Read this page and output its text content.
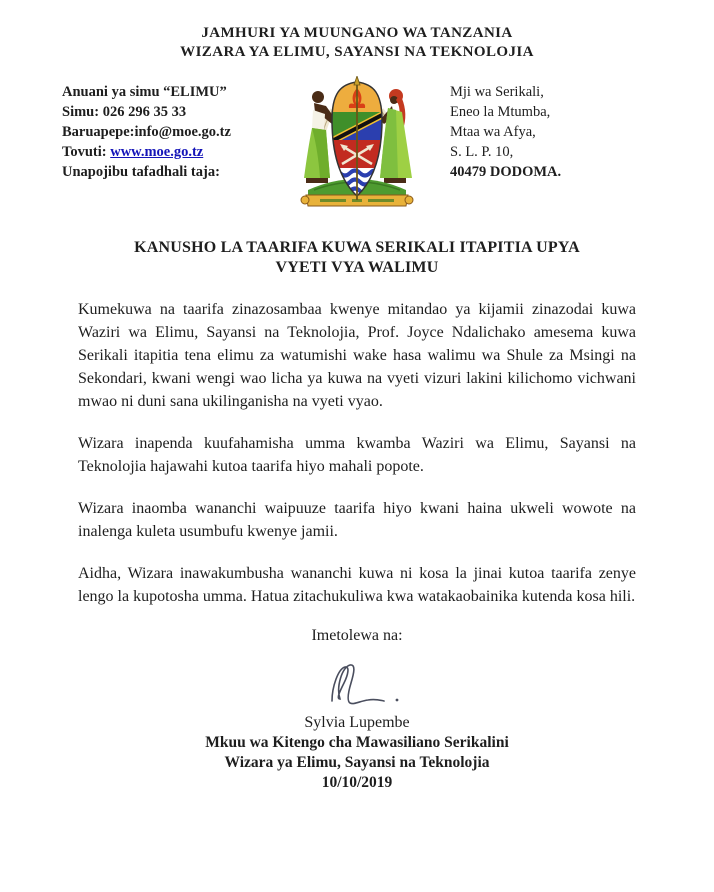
JAMHURI YA MUUNGANO WA TANZANIA
WIZARA YA ELIMU, SAYANSI NA TEKNOLOJIA
Anuani ya simu “ELIMU”
Simu: 026 296 35 33
Baruapepe:info@moe.go.tz
Tovuti: www.moe.go.tz
Unapojibu tafadhali taja:
Mji wa Serikali,
Eneo la Mtumba,
Mtaa wa Afya,
S. L. P. 10,
40479 DODOMA.
KANUSHO LA TAARIFA KUWA SERIKALI ITAPITIA UPYA
VYETI VYA WALIMU

Kumekuwa na taarifa zinazosambaa kwenye mitandao ya kijamii zinazodai kuwa Waziri wa Elimu, Sayansi na Teknolojia, Prof. Joyce Ndalichako amesema kuwa Serikali itapitia tena elimu za watumishi wake hasa walimu wa Shule za Msingi na Sekondari, kwani wengi wao licha ya kuwa na vyeti vizuri lakini kilichomo vichwani mwao ni duni sana ukilinganisha na vyeti vyao.

Wizara inapenda kuufahamisha umma kwamba Waziri wa Elimu, Sayansi na Teknolojia hajawahi kutoa taarifa hiyo mahali popote.

Wizara inaomba wananchi waipuuze taarifa hiyo kwani haina ukweli wowote na inalenga kuleta usumbufu kwenye jamii.

Aidha, Wizara inawakumbusha wananchi kuwa ni kosa la jinai kutoa taarifa zenye lengo la kupotosha umma. Hatua zitachukuliwa kwa watakaobainika kutenda kosa hili.

Imetolewa na:
Sylvia Lupembe
Mkuu wa Kitengo cha Mawasiliano Serikalini
Wizara ya Elimu, Sayansi na Teknolojia
10/10/2019
